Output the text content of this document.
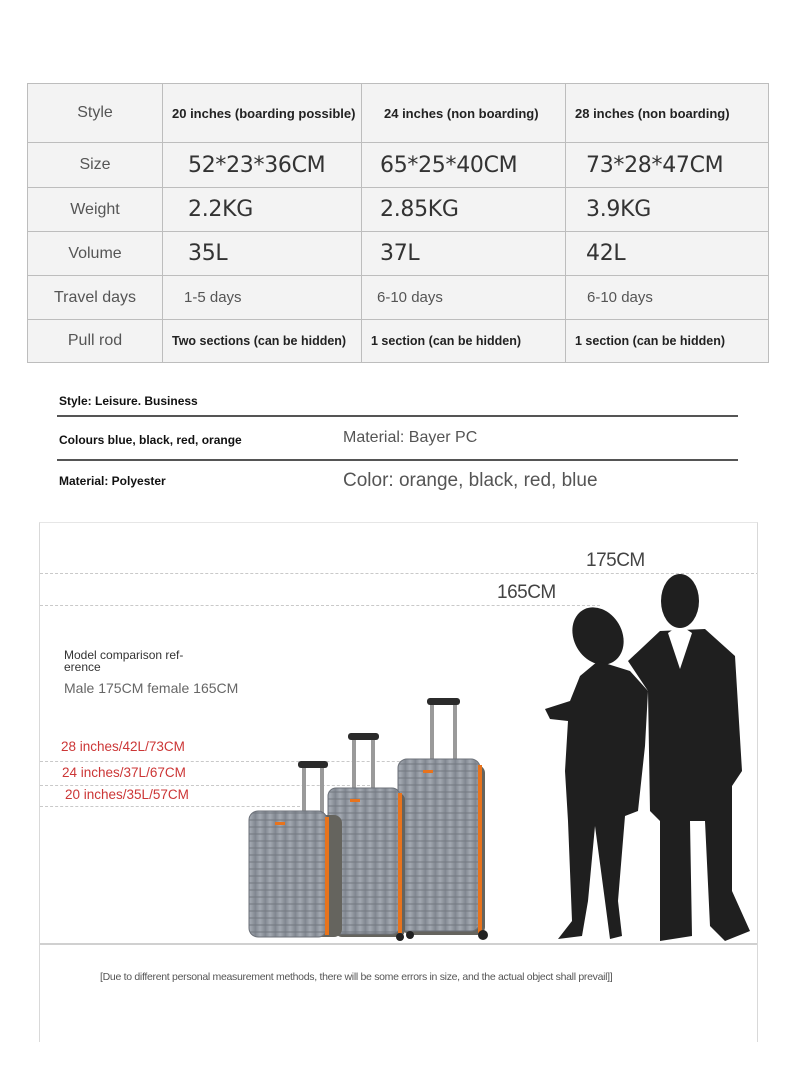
Style	20 inches (boarding possible)	24 inches (non boarding)	28 inches (non boarding)
Size	52*23*36CM	65*25*40CM	73*28*47CM
Weight	2.2KG	2.85KG	3.9KG
Volume	35L	37L	42L
Travel days	1-5 days	6-10 days	6-10 days
Pull rod	Two sections (can be hidden)	1 section (can be hidden)	1 section (can be hidden)
Style: Leisure. Business
Colours blue, black, red, orange	Material: Bayer PC
Material: Polyester	Color: orange, black, red, blue
175CM
165CM
Model comparison ref-
erence
Male 175CM female 165CM
28 inches/42L/73CM
24 inches/37L/67CM
20 inches/35L/57CM
[Due to different personal measurement methods, there will be some errors in size, and the actual object shall prevail]]
